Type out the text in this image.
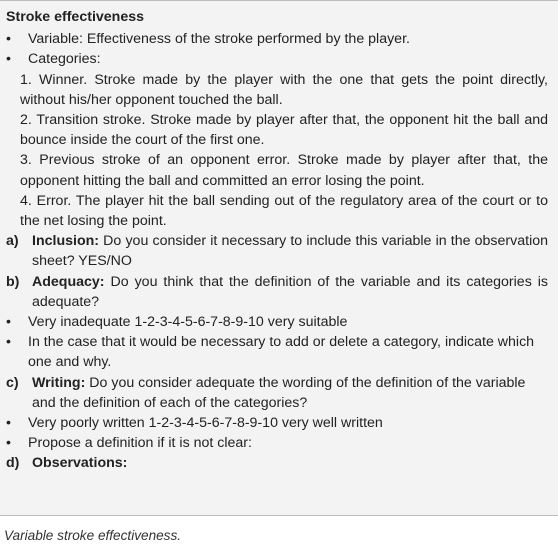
Stroke effectiveness
•	Variable: Effectiveness of the stroke performed by the player.
•	Categories:
1. Winner. Stroke made by the player with the one that gets the point directly, without his/her opponent touched the ball.
2. Transition stroke. Stroke made by player after that, the opponent hit the ball and bounce inside the court of the first one.
3. Previous stroke of an opponent error. Stroke made by player after that, the opponent hitting the ball and committed an error losing the point.
4. Error. The player hit the ball sending out of the regulatory area of the court or to the net losing the point.
a) Inclusion: Do you consider it necessary to include this variable in the observation sheet? YES/NO
b) Adequacy: Do you think that the definition of the variable and its categories is adequate?
•	Very inadequate 1-2-3-4-5-6-7-8-9-10 very suitable
•	In the case that it would be necessary to add or delete a category, indicate which one and why.
c) Writing: Do you consider adequate the wording of the definition of the variable and the definition of each of the categories?
•	Very poorly written 1-2-3-4-5-6-7-8-9-10 very well written
•	Propose a definition if it is not clear:
d) Observations:
Variable stroke effectiveness.
